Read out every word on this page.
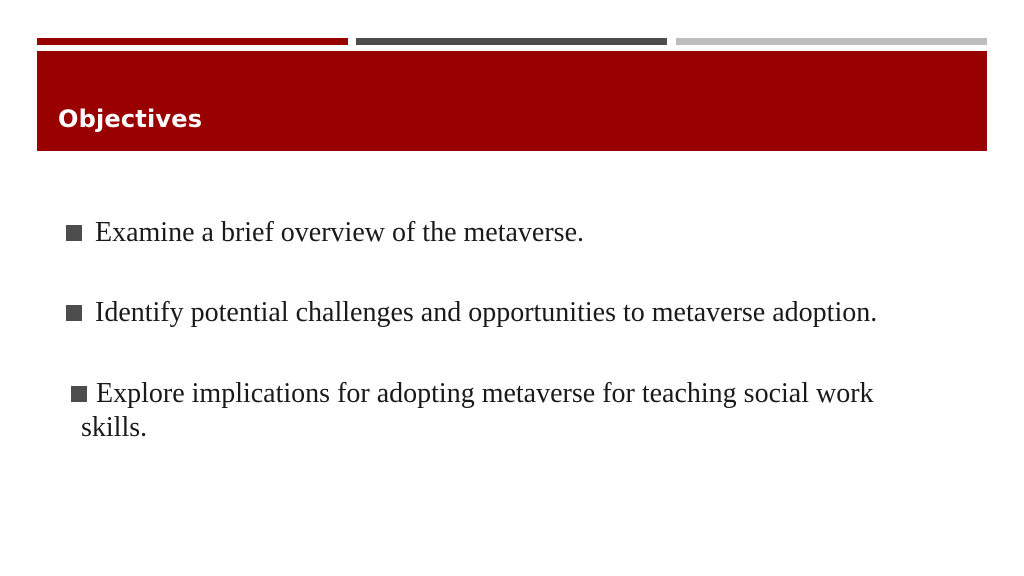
Objectives
Examine a brief overview of the metaverse.
Identify potential challenges and opportunities to metaverse adoption.
Explore implications for adopting metaverse for teaching social work skills.
